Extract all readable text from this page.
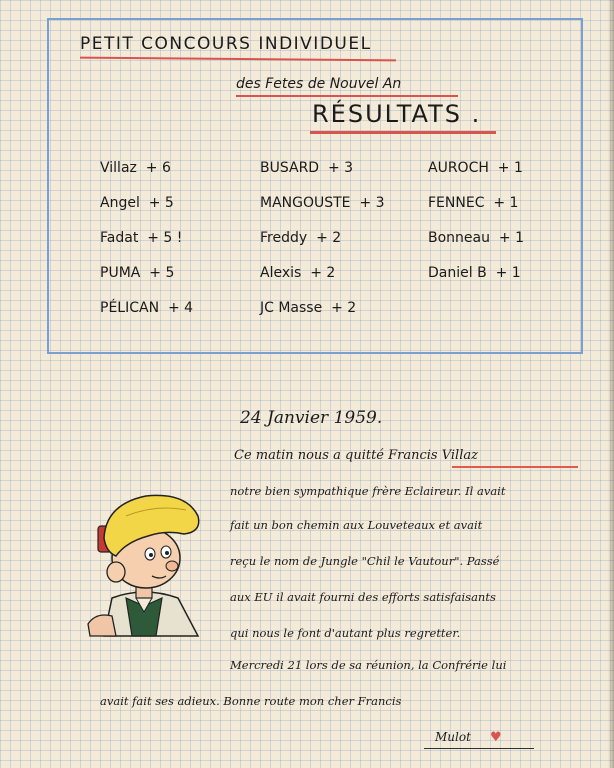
PETIT CONCOURS INDIVIDUEL
des Fetes de Nouvel An
RÉSULTATS .
Villaz + 6
Angel + 5
Fadat + 5 !
PUMA + 5
PÉLICAN + 4
BUSARD + 3
MANGOUSTE + 3
Freddy + 2
Alexis + 2
JC Masse + 2
AUROCH + 1
FENNEC + 1
Bonneau + 1
Daniel B + 1
24 Janvier 1959.
Ce matin nous a quitté Francis Villaz
notre bien sympathique frère Eclaireur. Il avait
fait un bon chemin aux Louveteaux et avait
reçu le nom de Jungle "Chil le Vautour". Passé
aux EU il avait fourni des efforts satisfaisants
qui nous le font d'autant plus regretter.
Mercredi 21 lors de sa réunion, la Confrérie lui
avait fait ses adieux. Bonne route mon cher Francis
Mulot ♥
